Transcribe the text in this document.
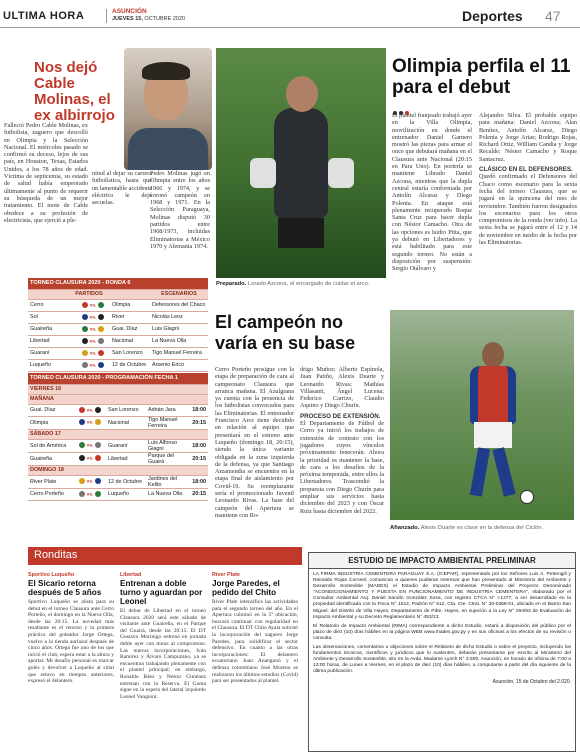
ULTIMA HORA	ASUNCIÓN
JUEVES 15, OCTUBRE 2020	Deportes 47
Nos dejó Cable Molinas, el ex albirrojo
Falleció Pedro Cable Molinas, ex futbolista, zaguero que descolló en Olimpia y la Selección Nacional. El miércoles pasado se confirmó su deceso, lejos de sus país, en Houston, Texas, Estados Unidos, a los 78 años de edad. Víctima de septicemia, su estado de salud había empeorado últimamente al punto de requerir su búsqueda de un mejor tratamiento. El mote de Cable obedece a su profesión de electricista, que ejerció a ple-
nitud al dejar su carrera futbolística, hasta que un lamentable accidente eléctrico le dejó secuelas.
Pedro Molinas jugó en Olimpia entre los años 1966 y 1974, y se coronó campeón en 1968 y 1971. En la Selección Paraguaya, Molinas disputó 30 partidos entre 1968/1973, incluidas Eliminatorias a México 1970 y Alemania 1974.
TORNEO CLAUSURA 2020 - RONDA 6			
PARTIDOS			ESCENARIOS
Cerro	vs.	Olimpia	Defensores del Chaco
Sol	vs.	River	Nicolás Leoz
Guaireña	vs.	Guai. Díaz	Luis Giagni
Libertad	vs.	Nacional	La Nueva Olla
Guaraní	vs.	San Lorenzo	Tigo Manuel Ferreira
Luqueño	vs.	12 de Octubre	Arsenio Erico
TORNEO CLAUSURA 2020 - PROGRAMACIÓN FECHA 1				
VIERNES 16				
MAÑANA				
Guai. Díaz	vs.	San Lorenzo	Adrián Jara	18:00
Olimpia	vs.	Nacional	Tigo Manuel Ferreira	20:15
SÁBADO 17				
Sol de América	vs.	Guaraní	Luis Alfonso Giagni	18:00
Guaireña	vs.	Libertad	Parque del Guairá	20:15
DOMINGO 18				
River Plate	vs.	12 de Octubre	Jardines del Kelito	18:00
Cerro Porteño	vs.	Luqueño	La Nueva Olla	20:15
Preparado. Lorado Azcona, el encargado de cuidar el arco.
Olimpia perfila el 11 para el debut
El plantel franjeado trabajó ayer en la Villa Olimpia, movilización en donde el entrenador Daniel Garnero mostró las piezas para armar el once que debutará mañana en el Clausura ante Nacional (20:15 en Para Uno). En portería se mantiene Librado Daniel Azcona, mientras que la dupla central estaría conformada por Antolín Alcaraz y Diego Polenta. En ataque está plenamente recuperado Roque Santa Cruz para hacer dupla con Néstor Camacho. Otra de las opciones es Isidro Pitta, que ya debutó en Libertadores y está habilitado para este segundo torneo. No están a disposición por suspensión: Sergio Otálvaro y
Alejandro Silva. El probable equipo para mañana: Daniel Azcona; Alan Benítez, Antolín Alcaraz, Diego Polenta y Jorge Arias; Rodrigo Rojas, Richard Ortiz, William Candia y Jorge Recalde; Néstor Camacho y Roque Santacruz.
CLÁSICO EN EL DEFENSORES.
Quedó confirmado el Defensores del Chaco como escenario para la sexta fecha del torneo Clausura, que se jugará en la quincena del mes de noviembre. También fueron designados los escenarios para los otros compromisos de la ronda (ver info). La sexta fecha se jugará entre el 12 y 14 de noviembre en medio de la fecha por las Eliminatorias.
El campeón no varía en su base
Cerro Porteño prosigue con la etapa de preparación de cara al campeonato Clausura que arranca mañana. El Azulgrana ya cuenta con la presencia de los futbolistas convocados para las Eliminatorias. El entrenador Francisco Arce tiene decidido en relación al equipo que presentará en el estreno ante Luqueño (domingo 18, 20:15), siendo la única variante obligada en la zona izquierda de la defensa, ya que Santiago Arzamendia se encuentra en la etapa final de aislamiento por Covid-19. Su reemplazante sería el promocionado Juvenil Leonardo Rivas. La base del campeón del Apertura se mantiene con Ro-
drigo Muñoz; Alberto Espínola, Juan Patiño, Alexis Duarte y Leonardo Rivas; Mathías Villasanti, Ángel Lucena; Federico Carrizo, Claudio Aquino y Diego Churín.
PROCESO DE EXTENSIÓN.
El Departamento de Fútbol de Cerro ya inició los trabajos de extensión de contrato con los jugadores cuyos vínculos próximamente fenecerán. Ahora la prioridad es mantener la base, de cara a los desafíos de la próxima temporada, entre ellos la Libertadores. Trascendió la propuesta con Diego Churín para ampliar sus servicios hasta diciembre del 2023 y con Óscar Ruiz hasta diciembre del 2022.
Afianzado. Alexis Duarte es clave en la defensa del Ciclón.
Ronditas
Sportivo Luqueño
El Sicario retorna después de 5 años
Sportivo Luqueño se alista para su debut en el torneo Clausura ante Cerro Porteño, el domingo en la Nueva Olla, desde las 20:15. La novedad más resaltante es el retorno y la primera práctica del goleador Jorge Ortega, vuelve a la tienda auriazul después de cinco años. Ortega fue uno de los que inició el club, espera estar a la altura y aportar. Mi desafío personal es marcar goles y devolver a Luqueño al sitial que estuvo en tiempos anteriores, expresó el delantero.
Libertad
Entrenan a doble turno y aguardan por Leonel
El debut de Libertad en el torneo Clausura 2020 será este sábado de visitante ante Guaireña, en el Parque del Guairá, desde las 20:15. El DT Gustavo Morínigo entrenó en jornada doble ayer con miras al compromiso. Las nuevas incorporaciones, Iván Ramírez y Álvaro Campuzano, ya se encuentran trabajando plenamente con el plantel principal; en embargo, Ronaldo Báez y Néstor Giménez entrenan con la Reserva. El Guma sigue en la espera del lateral izquierdo Leonel Vangioni.
River Plate
Jorge Paredes, el pedido del Chito
River Plate intensifica las actividades para el segundo torneo del año. En el Apertura culminó en la 5ª ubicación, buscará continuar con regularidad en el Clausura. El DT Chito Ayala solicitó la incorporación del zaguero Jorge Paredes, para solidificar el sector defensivo. En cuanto a las otras incorporaciones: El delantero ecuatoriano Juan Anangonó y el defensa colombiano José Moreno se realizaron los últimos estudios (Covid) para ser presentados al plantel.
ESTUDIO DE IMPACTO AMBIENTAL PRELIMINAR

LA FIRMA INDUSTRIA CEMENTERA PARAGUAY S.A. (ICEPAR), representado por los Señores Luis A. Pettengill y Reinaldo Rojas Coronel, comunican a quienes pudieran interesar que han presentado al Ministerio del Ambiente y Desarrollo Sostenible (MADES) el Estudio de Impacto Ambiental Preliminar del Proyecto Denominado "ACONDICIONAMIENTO Y PUESTA EN FUNCIONAMIENTO DE INDUSTRIA CEMENTERA", elaborado por el Consultor Ambiental Arq. Daniel Sandín González Sosa, con registro CTCA N° I-1277, a ser desarrollado en la propiedad identificada con la Finca N° 1512, Padrón N° 512, Cta. Cte. Ctral. N° 30-0368-01, ubicado en el Barrio San Miguel, del Distrito de Villa Hayes, Departamento de Pdte. Hayes, en sujeción a la Ley N° 294/93 de Evaluación de Impacto Ambiental y su Decreto Reglamentario N° 453/13.

El Relatorio de Impacto Ambiental (RIMA) correspondiente a dicho Estudio, estará a disposición del público por el plazo de diez (10) días hábiles en la página WEB www.mades.gov.py y en sus oficinas a los efectos de su revisión o consulta.

Las observaciones, comentarios u objeciones sobre el Relatorio de dicho Estudio o sobre el proyecto, incluyendo los fundamentos técnicos, científicos y jurídicos que lo sustenten, deberán presentarse por escrito al Ministerio del Ambiente y Desarrollo Sostenible, sito en la Avda. Madame Lynch N° 3.500, Asunción, en horario de oficina de 7:00 a 13:00 horas, de Lunes a Viernes, en el plazo de diez (10) días hábiles, a computarse a partir del día siguiente de la última publicación.

Asunción, 15 de Octubre del 2.020.
